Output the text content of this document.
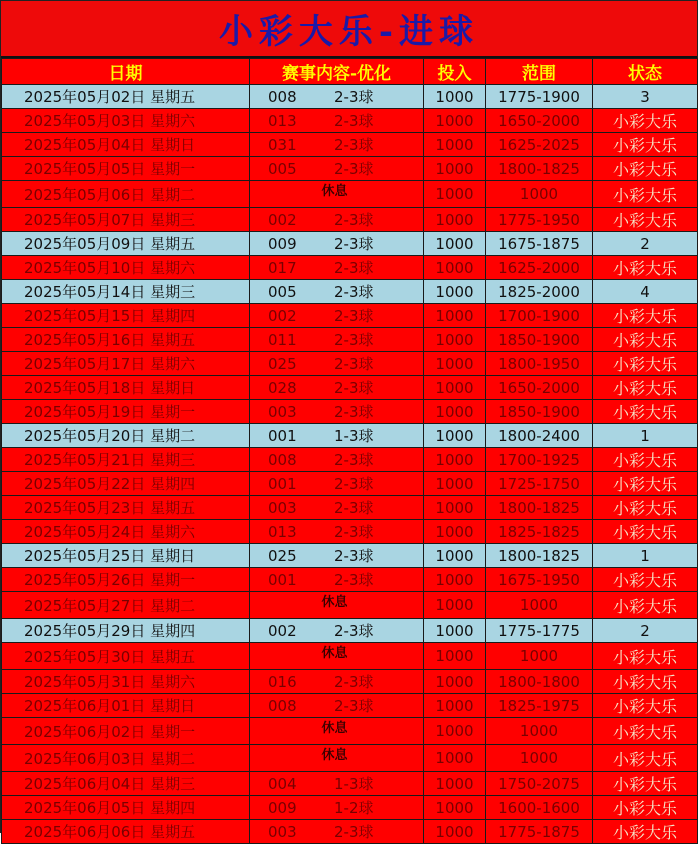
小彩大乐-进球
日期	赛事内容-优化	投入	范围	状态
2025年05月02日 星期五	008 2-3球	1000	1775-1900	3
2025年05月03日 星期六	013 2-3球	1000	1650-2000	小彩大乐
2025年05月04日 星期日	031 2-3球	1000	1625-2025	小彩大乐
2025年05月05日 星期一	005 2-3球	1000	1800-1825	小彩大乐
2025年05月06日 星期二	休息	1000	1000	小彩大乐
2025年05月07日 星期三	002 2-3球	1000	1775-1950	小彩大乐
2025年05月09日 星期五	009 2-3球	1000	1675-1875	2
2025年05月10日 星期六	017 2-3球	1000	1625-2000	小彩大乐
2025年05月14日 星期三	005 2-3球	1000	1825-2000	4
2025年05月15日 星期四	002 2-3球	1000	1700-1900	小彩大乐
2025年05月16日 星期五	011 2-3球	1000	1850-1900	小彩大乐
2025年05月17日 星期六	025 2-3球	1000	1800-1950	小彩大乐
2025年05月18日 星期日	028 2-3球	1000	1650-2000	小彩大乐
2025年05月19日 星期一	003 2-3球	1000	1850-1900	小彩大乐
2025年05月20日 星期二	001 1-3球	1000	1800-2400	1
2025年05月21日 星期三	008 2-3球	1000	1700-1925	小彩大乐
2025年05月22日 星期四	001 2-3球	1000	1725-1750	小彩大乐
2025年05月23日 星期五	003 2-3球	1000	1800-1825	小彩大乐
2025年05月24日 星期六	013 2-3球	1000	1825-1825	小彩大乐
2025年05月25日 星期日	025 2-3球	1000	1800-1825	1
2025年05月26日 星期一	001 2-3球	1000	1675-1950	小彩大乐
2025年05月27日 星期二	休息	1000	1000	小彩大乐
2025年05月29日 星期四	002 2-3球	1000	1775-1775	2
2025年05月30日 星期五	休息	1000	1000	小彩大乐
2025年05月31日 星期六	016 2-3球	1000	1800-1800	小彩大乐
2025年06月01日 星期日	008 2-3球	1000	1825-1975	小彩大乐
2025年06月02日 星期一	休息	1000	1000	小彩大乐
2025年06月03日 星期二	休息	1000	1000	小彩大乐
2025年06月04日 星期三	004 1-3球	1000	1750-2075	小彩大乐
2025年06月05日 星期四	009 1-2球	1000	1600-1600	小彩大乐
2025年06月06日 星期五	003 2-3球	1000	1775-1875	小彩大乐
